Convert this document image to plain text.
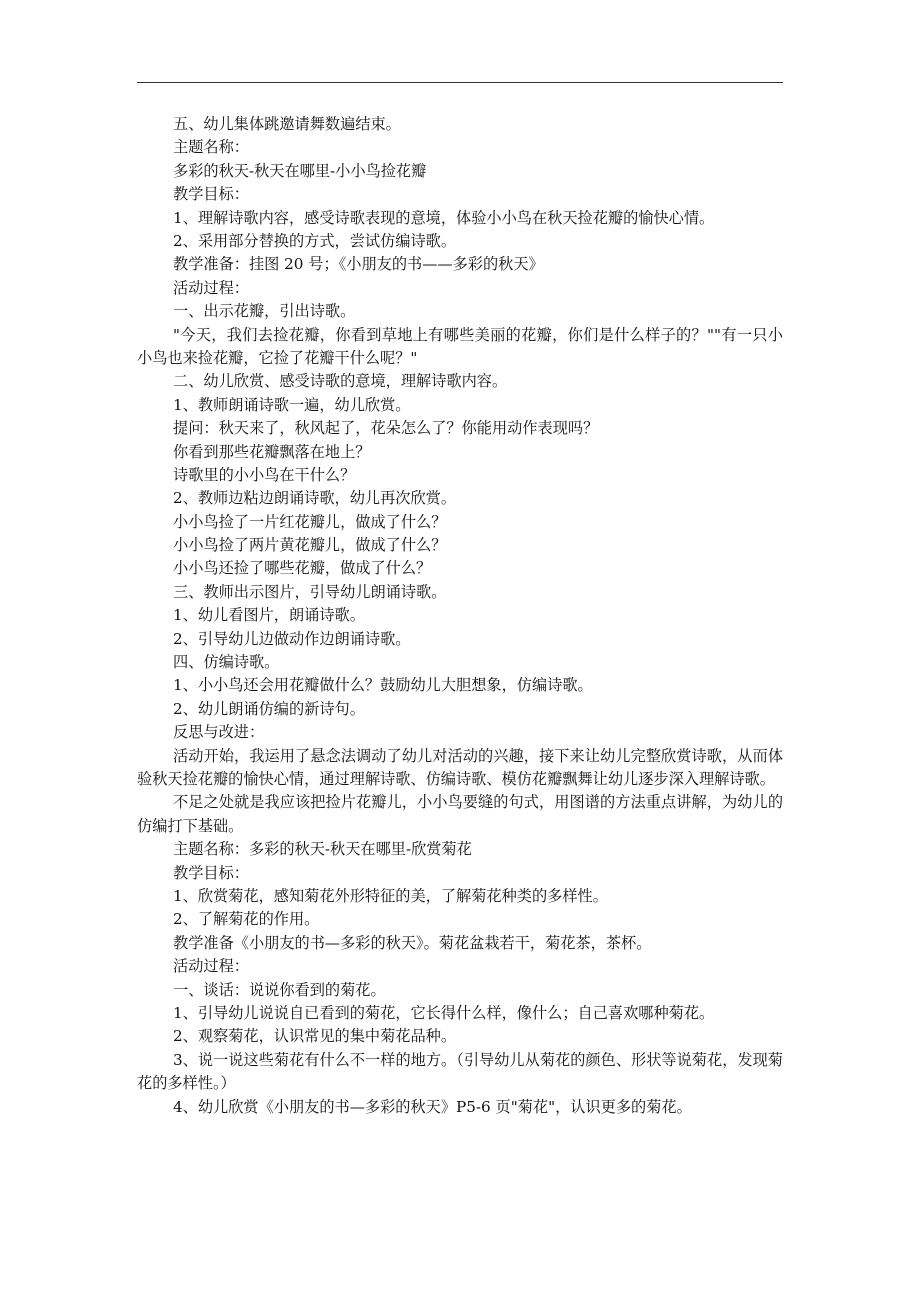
五、幼儿集体跳邀请舞数遍结束。
主题名称：
多彩的秋天-秋天在哪里-小小鸟捡花瓣
教学目标：
1、理解诗歌内容，感受诗歌表现的意境，体验小小鸟在秋天捡花瓣的愉快心情。
2、采用部分替换的方式，尝试仿编诗歌。
教学准备：挂图 20 号；《小朋友的书——多彩的秋天》
活动过程：
一、出示花瓣，引出诗歌。

"今天，我们去捡花瓣，你看到草地上有哪些美丽的花瓣，你们是什么样子的？""有一只小小鸟也来捡花瓣，它捡了花瓣干什么呢？"

二、幼儿欣赏、感受诗歌的意境，理解诗歌内容。
1、教师朗诵诗歌一遍，幼儿欣赏。
提问：秋天来了，秋风起了，花朵怎么了？你能用动作表现吗？
你看到那些花瓣飘落在地上？
诗歌里的小小鸟在干什么？
2、教师边粘边朗诵诗歌，幼儿再次欣赏。
小小鸟捡了一片红花瓣儿，做成了什么？
小小鸟捡了两片黄花瓣儿，做成了什么？
小小鸟还捡了哪些花瓣，做成了什么？
三、教师出示图片，引导幼儿朗诵诗歌。
1、幼儿看图片，朗诵诗歌。
2、引导幼儿边做动作边朗诵诗歌。
四、仿编诗歌。
1、小小鸟还会用花瓣做什么？鼓励幼儿大胆想象，仿编诗歌。
2、幼儿朗诵仿编的新诗句。
反思与改进：

活动开始，我运用了悬念法调动了幼儿对活动的兴趣，接下来让幼儿完整欣赏诗歌，从而体验秋天捡花瓣的愉快心情，通过理解诗歌、仿编诗歌、模仿花瓣飘舞让幼儿逐步深入理解诗歌。

不足之处就是我应该把捡片花瓣儿，小小鸟要缝的句式，用图谱的方法重点讲解，为幼儿的仿编打下基础。

主题名称：多彩的秋天-秋天在哪里-欣赏菊花
教学目标：
1、欣赏菊花，感知菊花外形特征的美，了解菊花种类的多样性。
2、了解菊花的作用。
教学准备《小朋友的书—多彩的秋天》。菊花盆栽若干，菊花茶，茶杯。
活动过程：
一、谈话：说说你看到的菊花。
1、引导幼儿说说自已看到的菊花，它长得什么样，像什么；自己喜欢哪种菊花。
2、观察菊花，认识常见的集中菊花品种。

3、说一说这些菊花有什么不一样的地方。（引导幼儿从菊花的颜色、形状等说菊花，发现菊花的多样性。）

4、幼儿欣赏《小朋友的书—多彩的秋天》P5-6 页"菊花"，认识更多的菊花。
